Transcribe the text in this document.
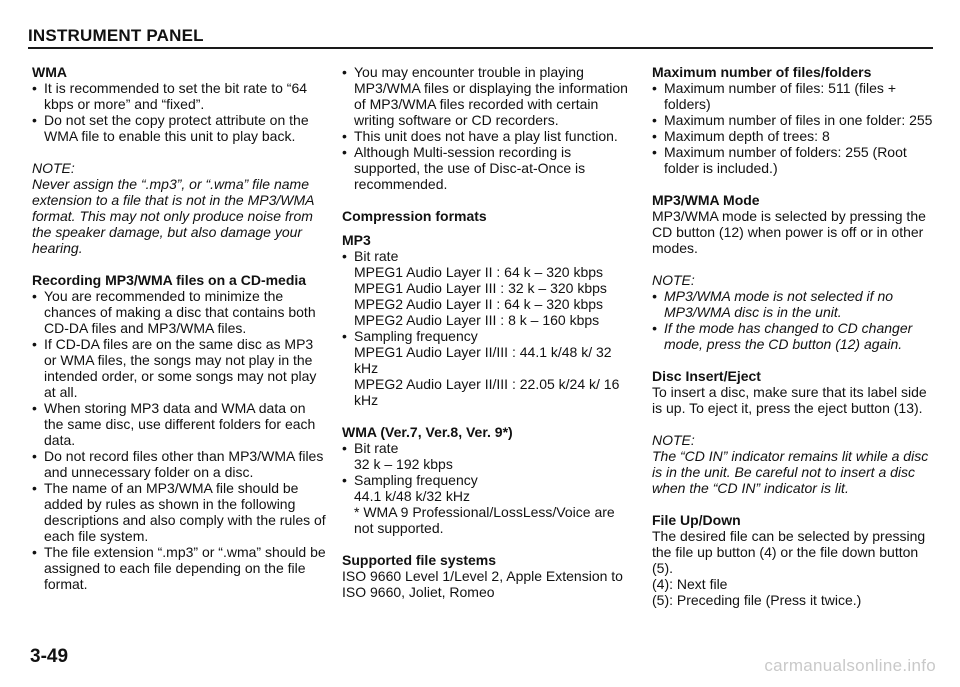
INSTRUMENT PANEL

WMA

• It is recommended to set the bit rate to “64 kbps or more” and “fixed”.
• Do not set the copy protect attribute on the WMA file to enable this unit to play back.

NOTE:

Never assign the “.mp3”, or “.wma” file name extension to a file that is not in the MP3/WMA format. This may not only produce noise from the speaker damage, but also damage your hearing.

Recording MP3/WMA files on a CD-media

• You are recommended to minimize the chances of making a disc that contains both CD-DA files and MP3/WMA files.
• If CD-DA files are on the same disc as MP3 or WMA files, the songs may not play in the intended order, or some songs may not play at all.
• When storing MP3 data and WMA data on the same disc, use different folders for each data.
• Do not record files other than MP3/WMA files and unnecessary folder on a disc.
• The name of an MP3/WMA file should be added by rules as shown in the following descriptions and also comply with the rules of each file system.
• The file extension “.mp3” or “.wma” should be assigned to each file depending on the file format.
• You may encounter trouble in playing MP3/WMA files or displaying the information of MP3/WMA files recorded with certain writing software or CD recorders.
• This unit does not have a play list function.
• Although Multi-session recording is supported, the use of Disc-at-Once is recommended.

Compression formats

MP3

• Bit rate
MPEG1 Audio Layer II : 64 k – 320 kbps
MPEG1 Audio Layer III : 32 k – 320 kbps
MPEG2 Audio Layer II : 64 k – 320 kbps
MPEG2 Audio Layer III : 8 k – 160 kbps
• Sampling frequency
MPEG1 Audio Layer II/III : 44.1 k/48 k/ 32 kHz
MPEG2 Audio Layer II/III : 22.05 k/24 k/ 16 kHz

WMA (Ver.7, Ver.8, Ver. 9*)

• Bit rate
32 k – 192 kbps
• Sampling frequency
44.1 k/48 k/32 kHz
* WMA 9 Professional/LossLess/Voice are not supported.

Supported file systems

ISO 9660 Level 1/Level 2, Apple Extension to ISO 9660, Joliet, Romeo

Maximum number of files/folders

• Maximum number of files: 511 (files + folders)
• Maximum number of files in one folder: 255
• Maximum depth of trees: 8
• Maximum number of folders: 255 (Root folder is included.)

MP3/WMA Mode

MP3/WMA mode is selected by pressing the CD button (12) when power is off or in other modes.

NOTE:

• MP3/WMA mode is not selected if no MP3/WMA disc is in the unit.
• If the mode has changed to CD changer mode, press the CD button (12) again.

Disc Insert/Eject

To insert a disc, make sure that its label side is up. To eject it, press the eject button (13).

NOTE:

The “CD IN” indicator remains lit while a disc is in the unit. Be careful not to insert a disc when the “CD IN” indicator is lit.

File Up/Down

The desired file can be selected by pressing the file up button (4) or the file down button (5).

(4): Next file

(5): Preceding file (Press it twice.)

3-49	carmanualsonline.info
